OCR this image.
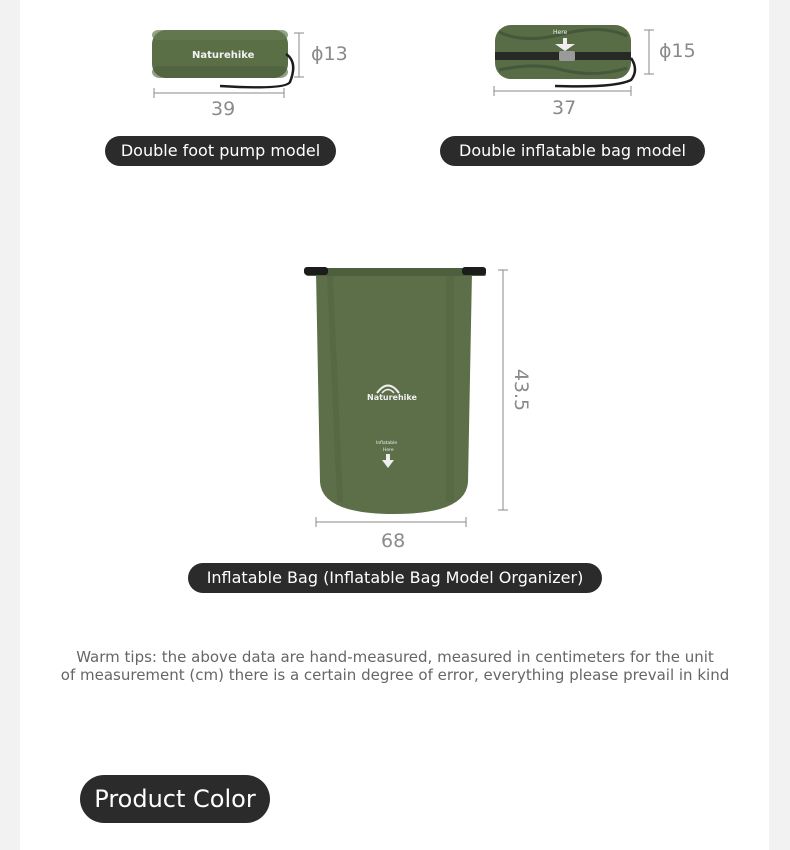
Naturehike	ϕ13
39
Double foot pump model
Here
ϕ15
37
Double inflatable bag model
Naturehike
Inflatable
Here
43.5
68
Inflatable Bag (Inflatable Bag Model Organizer)
Warm tips: the above data are hand-measured, measured in centimeters for the unit
of measurement (cm) there is a certain degree of error, everything please prevail in kind
Product Color
